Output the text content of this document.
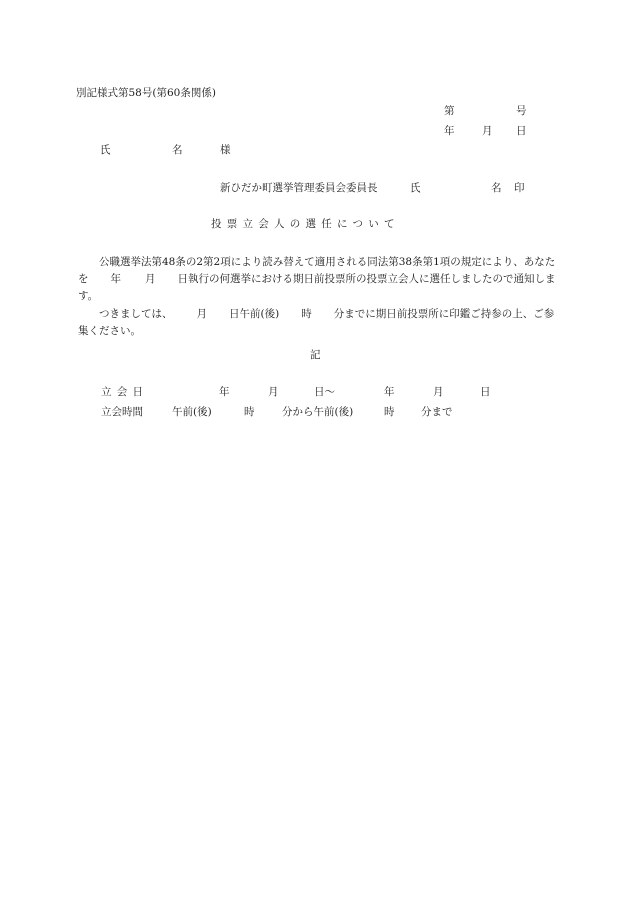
別記様式第58号(第60条関係)
第	号
年	月 日
氏	名	様
新ひだか町選挙管理委員会委員長	氏	名 印
投票立会人の選任について
公職選挙法第48条の2第2項により読み替えて適用される同法第38条第1項の規定により、あなたを 年 月 日執行の何選挙における期日前投票所の投票立会人に選任しましたので通知します。
つきましては、 月 日午前(後) 時 分までに期日前投票所に印鑑ご持参の上、ご参集ください。
記
立会日	年	月	日〜	年	月	日
立会時間	午前(後)	時	分から午前(後)	時	分まで
